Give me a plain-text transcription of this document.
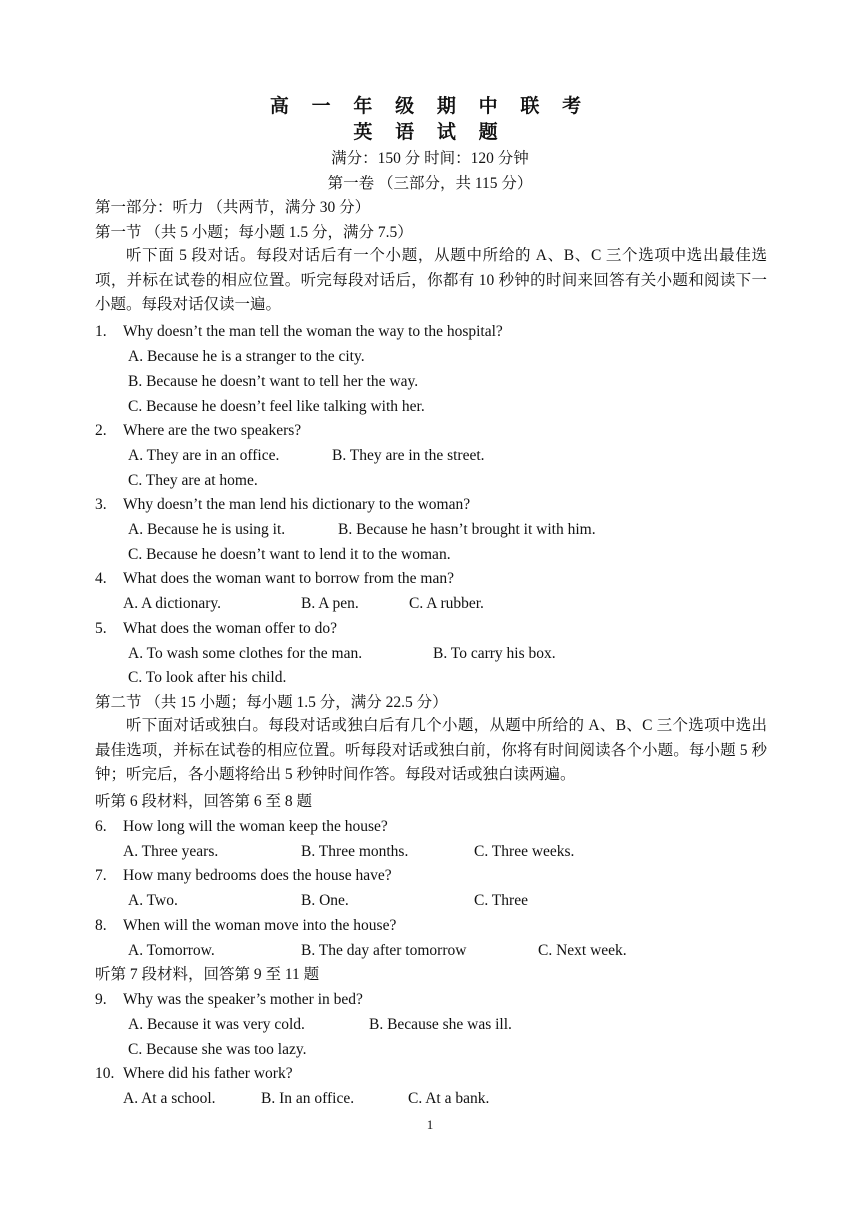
高 一 年 级 期 中 联 考
英 语 试 题
满分：150 分 时间：120 分钟
第一卷 （三部分，共 115 分）
第一部分：听力 （共两节，满分 30 分）
第一节 （共 5 小题；每小题 1.5 分，满分 7.5）
听下面 5 段对话。每段对话后有一个小题，从题中所给的 A、B、C 三个选项中选出最佳选项，并标在试卷的相应位置。听完每段对话后，你都有 10 秒钟的时间来回答有关小题和阅读下一小题。每段对话仅读一遍。
1. Why doesn’t the man tell the woman the way to the hospital?
A. Because he is a stranger to the city.
B. Because he doesn’t want to tell her the way.
C. Because he doesn’t feel like talking with her.
2. Where are the two speakers?
A. They are in an office.	B. They are in the street.
C. They are at home.
3. Why doesn’t the man lend his dictionary to the woman?
A. Because he is using it.	B. Because he hasn’t brought it with him.
C. Because he doesn’t want to lend it to the woman.
4. What does the woman want to borrow from the man?
A. A dictionary.	B. A pen.	C. A rubber.
5. What does the woman offer to do?
A. To wash some clothes for the man.	B. To carry his box.
C. To look after his child.
第二节 （共 15 小题；每小题 1.5 分，满分 22.5 分）
听下面对话或独白。每段对话或独白后有几个小题，从题中所给的 A、B、C 三个选项中选出最佳选项，并标在试卷的相应位置。听每段对话或独白前，你将有时间阅读各个小题。每小题 5 秒钟；听完后，各小题将给出 5 秒钟时间作答。每段对话或独白读两遍。
听第 6 段材料，回答第 6 至 8 题
6. How long will the woman keep the house?
A. Three years.	B. Three months.	C. Three weeks.
7. How many bedrooms does the house have?
A. Two.	B. One.	C. Three
8. When will the woman move into the house?
A. Tomorrow.	B. The day after tomorrow	C. Next week.
听第 7 段材料，回答第 9 至 11 题
9. Why was the speaker’s mother in bed?
A. Because it was very cold.	B. Because she was ill.
C. Because she was too lazy.
10. Where did his father work?
A. At a school.	B. In an office.	C. At a bank.
1
